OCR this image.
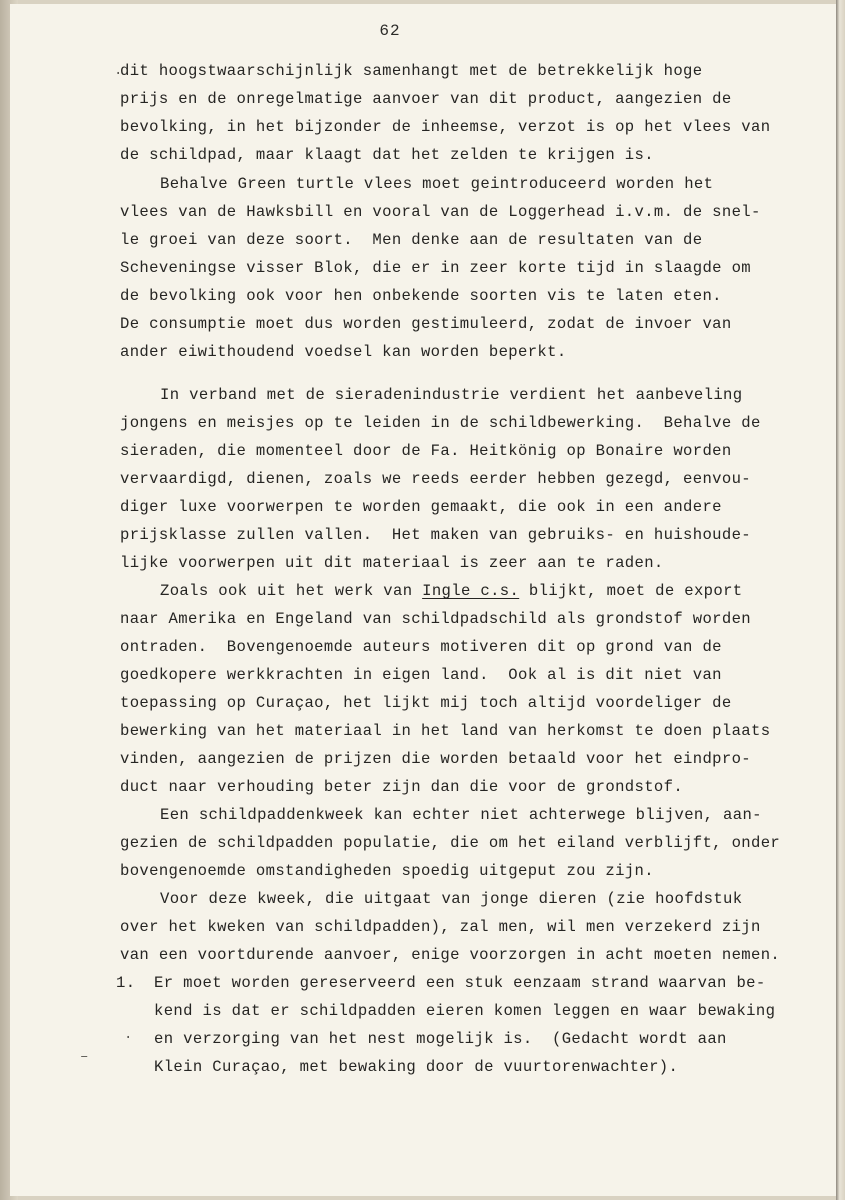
62
·
dit hoogstwaarschijnlijk samenhangt met de betrekkelijk hoge
prijs en de onregelmatige aanvoer van dit product, aangezien de
bevolking, in het bijzonder de inheemse, verzot is op het vlees van
de schildpad, maar klaagt dat het zelden te krijgen is.
Behalve Green turtle vlees moet geintroduceerd worden het
vlees van de Hawksbill en vooral van de Loggerhead i.v.m. de snel-
le groei van deze soort.  Men denke aan de resultaten van de
Scheveningse visser Blok, die er in zeer korte tijd in slaagde om
de bevolking ook voor hen onbekende soorten vis te laten eten.
De consumptie moet dus worden gestimuleerd, zodat de invoer van
ander eiwithoudend voedsel kan worden beperkt.
In verband met de sieradenindustrie verdient het aanbeveling
jongens en meisjes op te leiden in de schildbewerking.  Behalve de
sieraden, die momenteel door de Fa. Heitkönig op Bonaire worden
vervaardigd, dienen, zoals we reeds eerder hebben gezegd, eenvou-
diger luxe voorwerpen te worden gemaakt, die ook in een andere
prijsklasse zullen vallen.  Het maken van gebruiks- en huishoude-
lijke voorwerpen uit dit materiaal is zeer aan te raden.
Zoals ook uit het werk van Ingle c.s. blijkt, moet de export
naar Amerika en Engeland van schildpadschild als grondstof worden
ontraden.  Bovengenoemde auteurs motiveren dit op grond van de
goedkopere werkkrachten in eigen land.  Ook al is dit niet van
toepassing op Curaçao, het lijkt mij toch altijd voordeliger de
bewerking van het materiaal in het land van herkomst te doen plaats
vinden, aangezien de prijzen die worden betaald voor het eindpro-
duct naar verhouding beter zijn dan die voor de grondstof.
Een schildpaddenkweek kan echter niet achterwege blijven, aan-
gezien de schildpadden populatie, die om het eiland verblijft, onder
bovengenoemde omstandigheden spoedig uitgeput zou zijn.
Voor deze kweek, die uitgaat van jonge dieren (zie hoofdstuk
over het kweken van schildpadden), zal men, wil men verzekerd zijn
van een voortdurende aanvoer, enige voorzorgen in acht moeten nemen.
1. Er moet worden gereserveerd een stuk eenzaam strand waarvan be-
kend is dat er schildpadden eieren komen leggen en waar bewaking
· en verzorging van het nest mogelijk is.  (Gedacht wordt aan
–
Klein Curaçao, met bewaking door de vuurtorenwachter).
